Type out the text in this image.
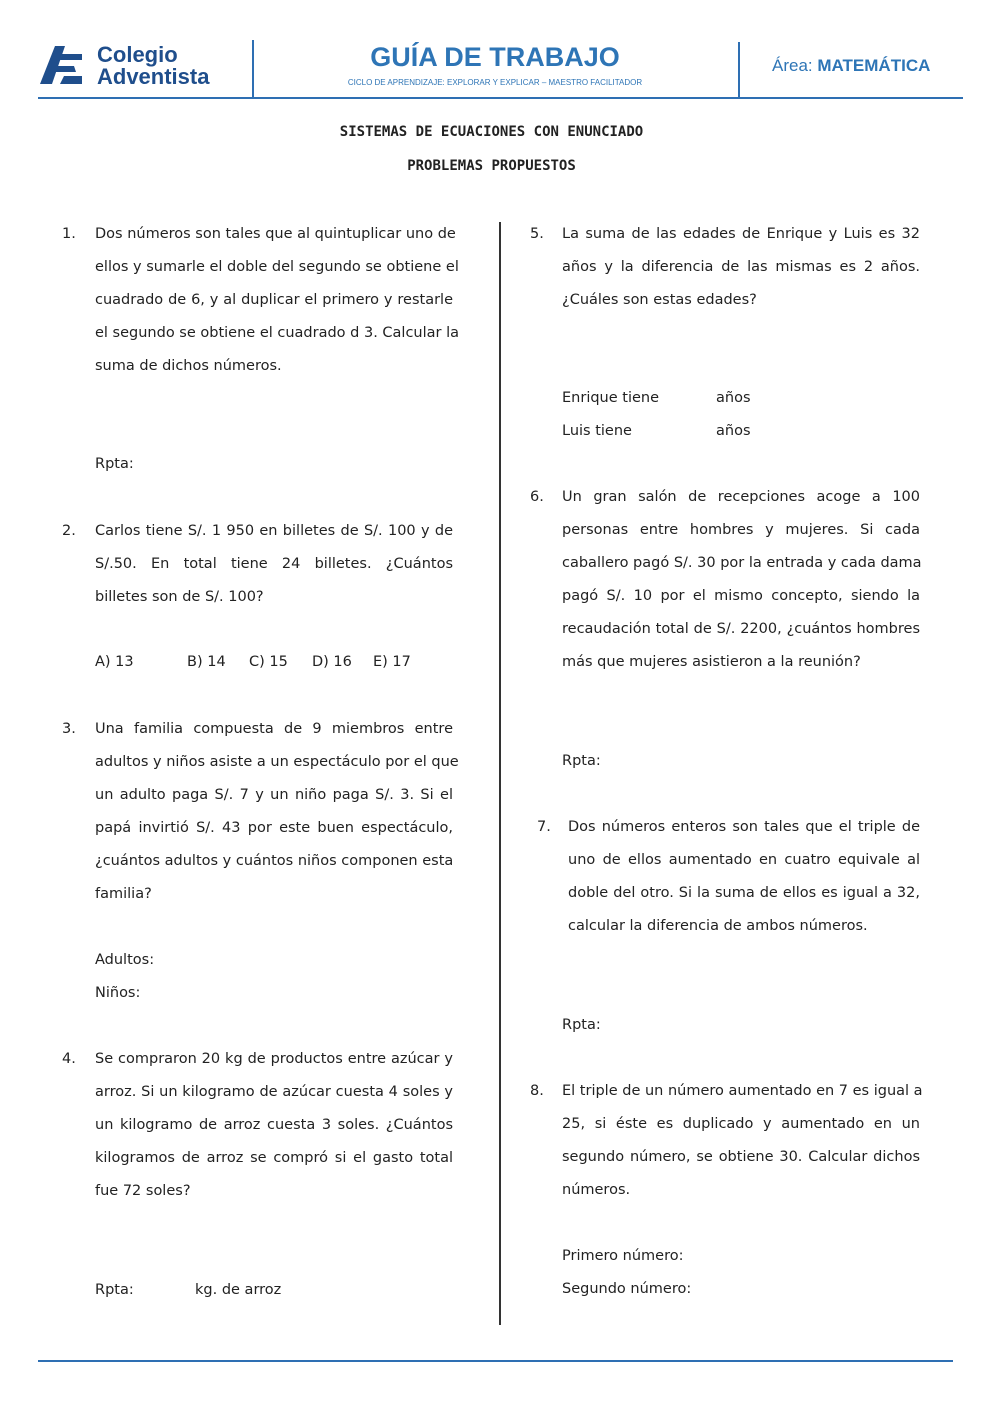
Colegio
Adventista
GUÍA DE TRABAJO
CICLO DE APRENDIZAJE: EXPLORAR Y EXPLICAR – MAESTRO FACILITADOR
Área: MATEMÁTICA
SISTEMAS DE ECUACIONES CON ENUNCIADO
PROBLEMAS PROPUESTOS
1. Dos números son tales que al quintuplicar uno de
ellos y sumarle el doble del segundo se obtiene el
cuadrado de 6, y al duplicar el primero y restarle
el segundo se obtiene el cuadrado d 3. Calcular la
suma de dichos números.
Rpta:
2. Carlos tiene S/. 1 950 en billetes de S/. 100 y de
S/.50. En total tiene 24 billetes. ¿Cuántos
billetes son de S/. 100?
A) 13	B) 14 C) 15 D) 16 E) 17
3. Una familia compuesta de 9 miembros entre
adultos y niños asiste a un espectáculo por el que
un adulto paga S/. 7 y un niño paga S/. 3. Si el
papá invirtió S/. 43 por este buen espectáculo,
¿cuántos adultos y cuántos niños componen esta
familia?
Adultos:
Niños:
4. Se compraron 20 kg de productos entre azúcar y
arroz. Si un kilogramo de azúcar cuesta 4 soles y
un kilogramo de arroz cuesta 3 soles. ¿Cuántos
kilogramos de arroz se compró si el gasto total
fue 72 soles?
Rpta:	kg. de arroz
5. La suma de las edades de Enrique y Luis es 32
años y la diferencia de las mismas es 2 años.
¿Cuáles son estas edades?
Enrique tiene	años
Luis tiene	años
6. Un gran salón de recepciones acoge a 100
personas entre hombres y mujeres. Si cada
caballero pagó S/. 30 por la entrada y cada dama
pagó S/. 10 por el mismo concepto, siendo la
recaudación total de S/. 2200, ¿cuántos hombres
más que mujeres asistieron a la reunión?
Rpta:
7. Dos números enteros son tales que el triple de
uno de ellos aumentado en cuatro equivale al
doble del otro. Si la suma de ellos es igual a 32,
calcular la diferencia de ambos números.
Rpta:
8. El triple de un número aumentado en 7 es igual a
25, si éste es duplicado y aumentado en un
segundo número, se obtiene 30. Calcular dichos
números.
Primero número:
Segundo número:
